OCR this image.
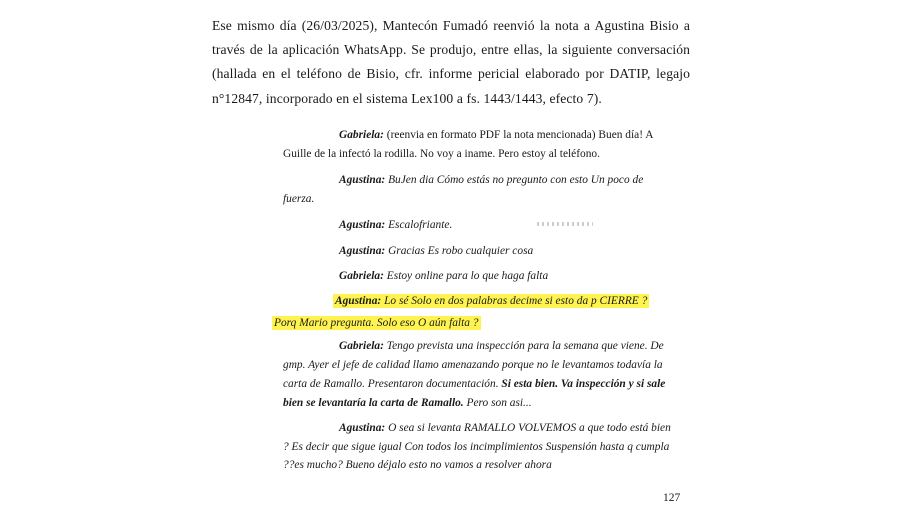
Ese mismo día (26/03/2025), Mantecón Fumadó reenvió la nota a Agustina Bisio a través de la aplicación WhatsApp. Se produjo, entre ellas, la siguiente conversación (hallada en el teléfono de Bisio, cfr. informe pericial elaborado por DATIP, legajo n°12847, incorporado en el sistema Lex100 a fs. 1443/1443, efecto 7).

Gabriela: (reenvia en formato PDF la nota mencionada) Buen día! A
Guille de la infectó la rodilla. No voy a iname. Pero estoy al teléfono.
Agustina: BuJen dia Cómo estás no pregunto con esto Un poco de
fuerza.
Agustina: Escalofriante.
Agustina: Gracias Es robo cualquier cosa
Gabriela: Estoy online para lo que haga falta
Agustina: Lo sé Solo en dos palabras decime si esto da p CIERRE ?
Porq Mario pregunta. Solo eso O aún falta ?
Gabriela: Tengo prevista una inspección para la semana que viene. De
gmp. Ayer el jefe de calidad llamo amenazando porque no le levantamos todavía la
carta de Ramallo. Presentaron documentación. Si esta bien. Va inspección y si sale
bien se levantaría la carta de Ramallo. Pero son asi...
Agustina: O sea si levanta RAMALLO VOLVEMOS a que todo está bien
? Es decir que sigue igual Con todos los incimplimientos Suspensión hasta q cumpla
??es mucho? Bueno déjalo esto no vamos a resolver ahora

127
